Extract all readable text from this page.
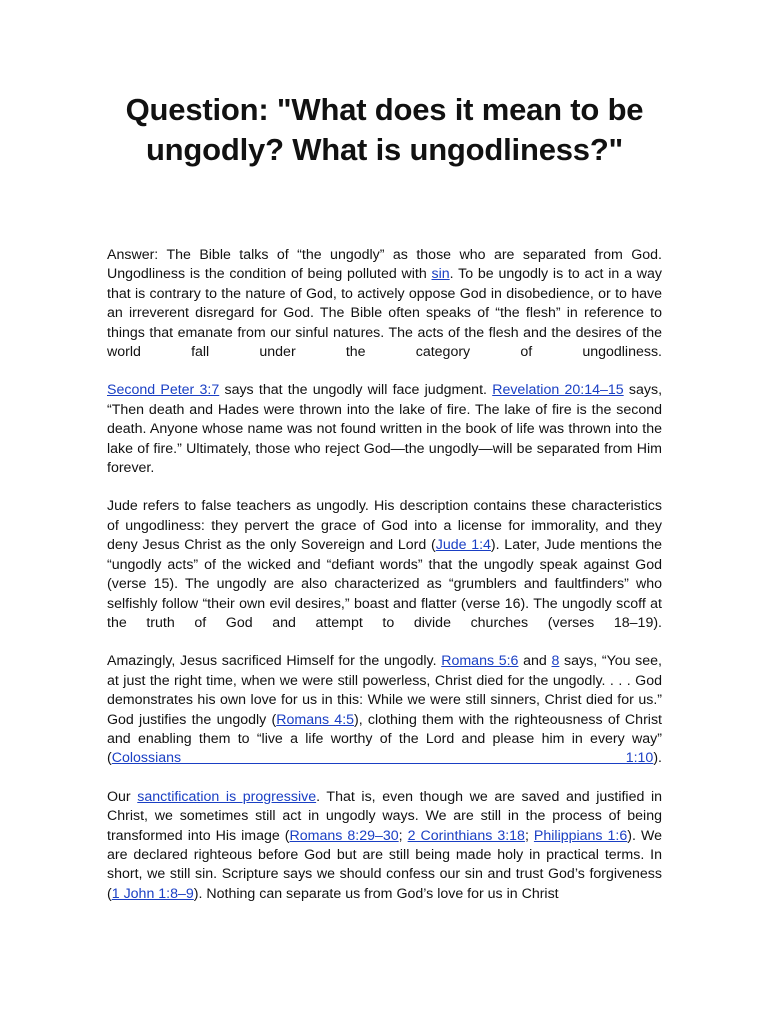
Question: "What does it mean to be ungodly? What is ungodliness?"

Answer: The Bible talks of “the ungodly” as those who are separated from God. Ungodliness is the condition of being polluted with sin. To be ungodly is to act in a way that is contrary to the nature of God, to actively oppose God in disobedience, or to have an irreverent disregard for God. The Bible often speaks of “the flesh” in reference to things that emanate from our sinful natures. The acts of the flesh and the desires of the world fall under the category of ungodliness.

Second Peter 3:7 says that the ungodly will face judgment. Revelation 20:14–15 says, “Then death and Hades were thrown into the lake of fire. The lake of fire is the second death. Anyone whose name was not found written in the book of life was thrown into the lake of fire.” Ultimately, those who reject God—the ungodly—will be separated from Him forever.

Jude refers to false teachers as ungodly. His description contains these characteristics of ungodliness: they pervert the grace of God into a license for immorality, and they deny Jesus Christ as the only Sovereign and Lord (Jude 1:4). Later, Jude mentions the “ungodly acts” of the wicked and “defiant words” that the ungodly speak against God (verse 15). The ungodly are also characterized as “grumblers and faultfinders” who selfishly follow “their own evil desires,” boast and flatter (verse 16). The ungodly scoff at the truth of God and attempt to divide churches (verses 18–19).

Amazingly, Jesus sacrificed Himself for the ungodly. Romans 5:6 and 8 says, “You see, at just the right time, when we were still powerless, Christ died for the ungodly. . . . God demonstrates his own love for us in this: While we were still sinners, Christ died for us.” God justifies the ungodly (Romans 4:5), clothing them with the righteousness of Christ and enabling them to “live a life worthy of the Lord and please him in every way” (Colossians 1:10).

Our sanctification is progressive. That is, even though we are saved and justified in Christ, we sometimes still act in ungodly ways. We are still in the process of being transformed into His image (Romans 8:29–30; 2 Corinthians 3:18; Philippians 1:6). We are declared righteous before God but are still being made holy in practical terms. In short, we still sin. Scripture says we should confess our sin and trust God’s forgiveness (1 John 1:8–9). Nothing can separate us from God’s love for us in Christ
